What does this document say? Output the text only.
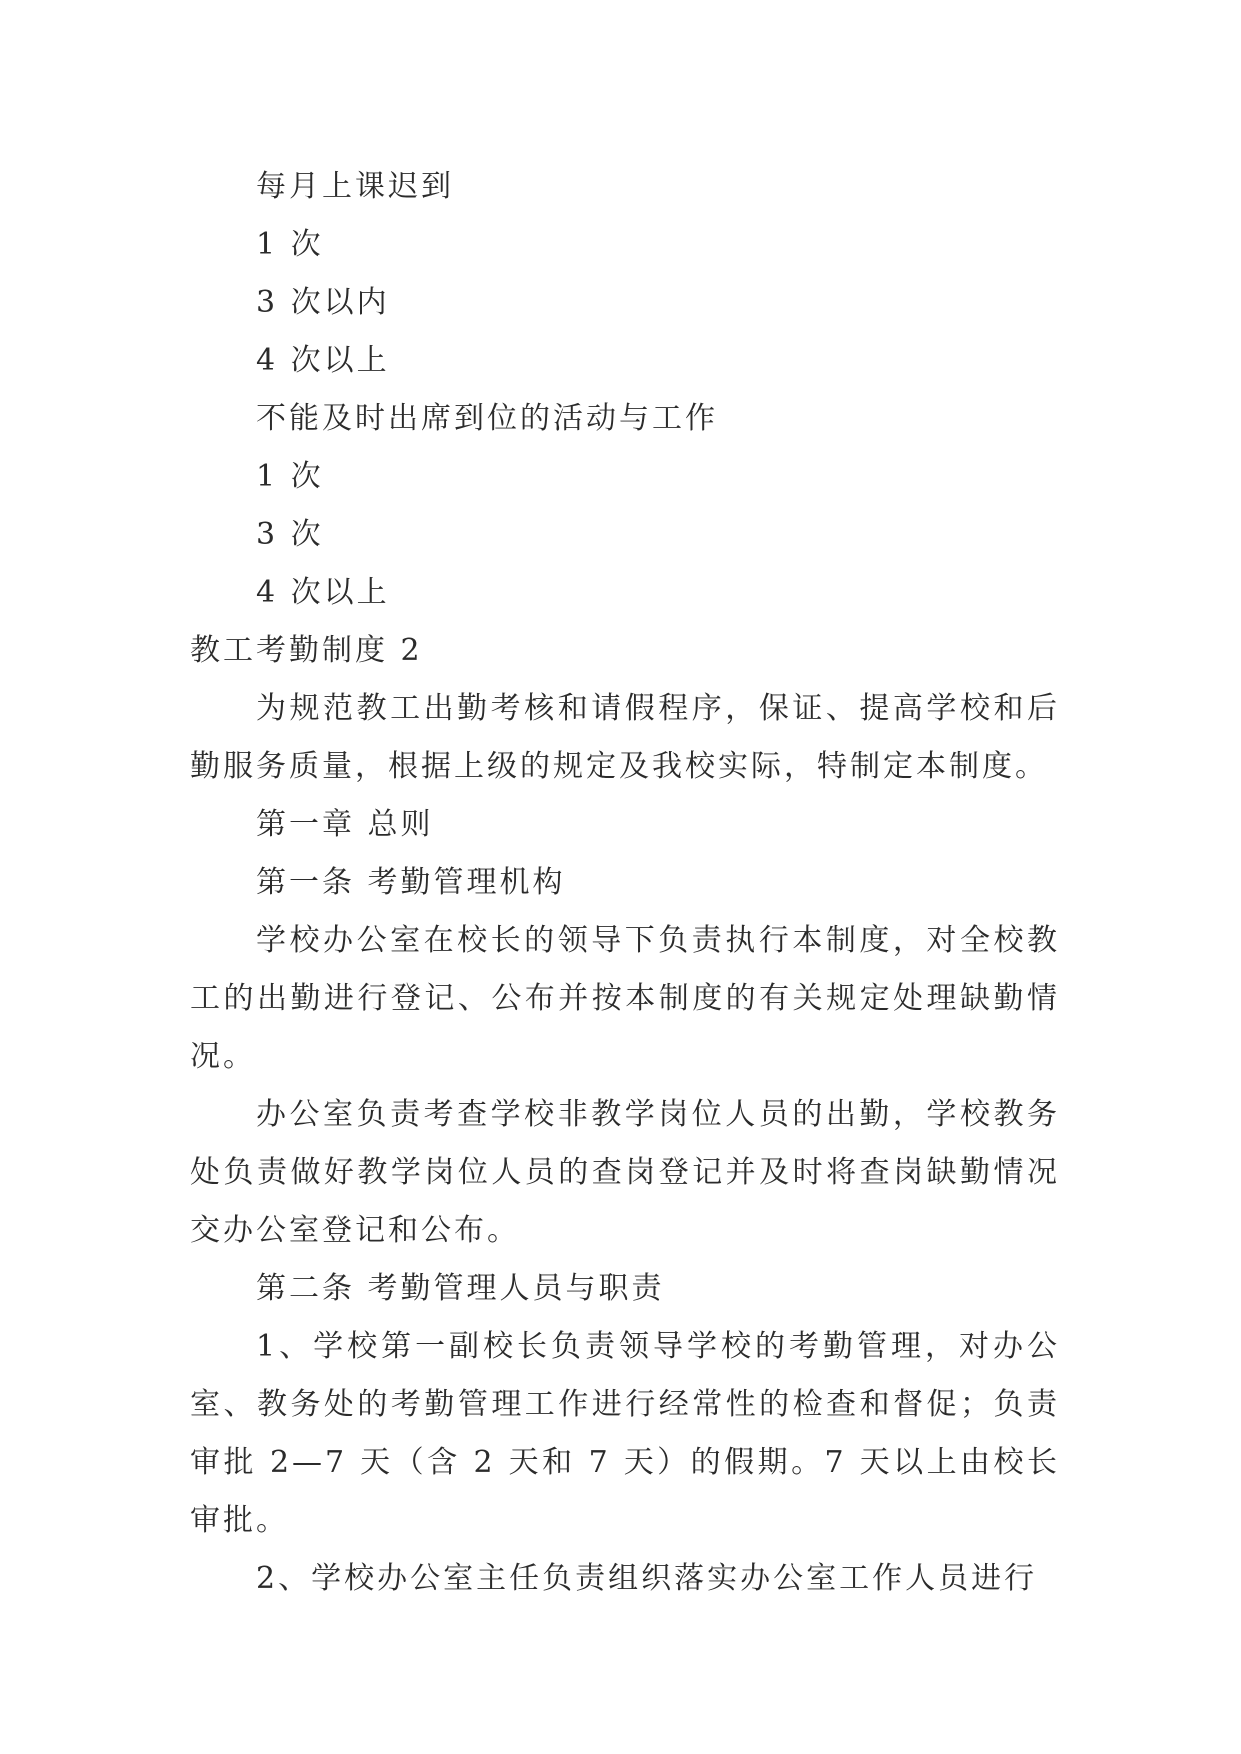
每月上课迟到

1 次

3 次以内

4 次以上

不能及时出席到位的活动与工作

1 次

3 次

4 次以上

教工考勤制度 2

为规范教工出勤考核和请假程序，保证、提高学校和后勤服务质量，根据上级的规定及我校实际，特制定本制度。

第一章 总则

第一条 考勤管理机构

学校办公室在校长的领导下负责执行本制度，对全校教工的出勤进行登记、公布并按本制度的有关规定处理缺勤情况。

办公室负责考查学校非教学岗位人员的出勤，学校教务处负责做好教学岗位人员的查岗登记并及时将查岗缺勤情况交办公室登记和公布。

第二条 考勤管理人员与职责

1、学校第一副校长负责领导学校的考勤管理，对办公室、教务处的考勤管理工作进行经常性的检查和督促；负责审批 2—7 天（含 2 天和 7 天）的假期。7 天以上由校长审批。

2、学校办公室主任负责组织落实办公室工作人员进行
